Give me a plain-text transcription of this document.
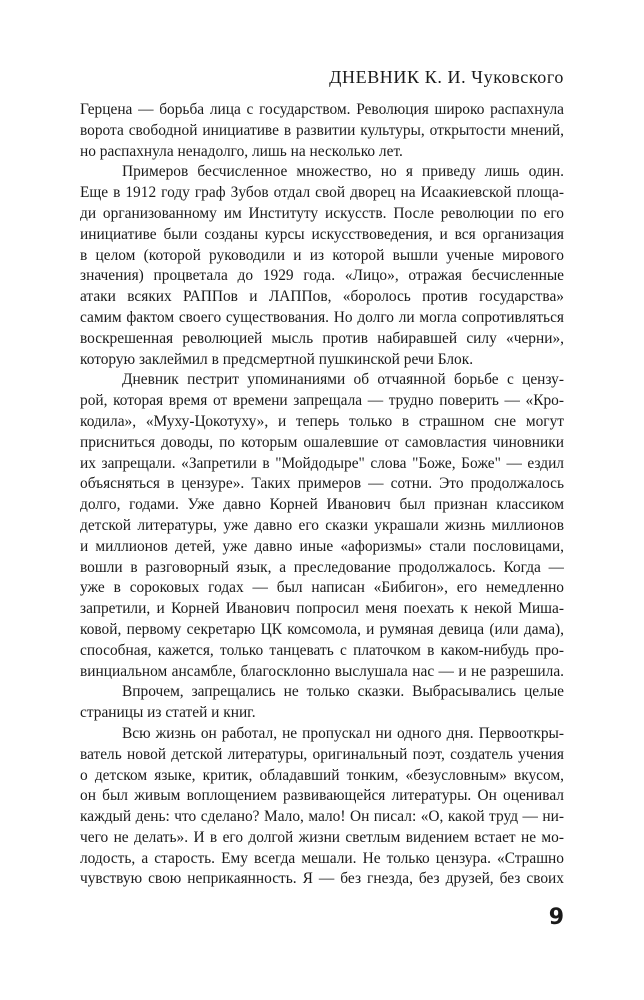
ДНЕВНИК К. И. Чуковского
Герцена — борьба лица с государством. Революция широко распахнула
ворота свободной инициативе в развитии культуры, открытости мнений,
но распахнула ненадолго, лишь на несколько лет.
Примеров бесчисленное множество, но я приведу лишь один.
Еще в 1912 году граф Зубов отдал свой дворец на Исаакиевской площа-
ди организованному им Институту искусств. После революции по его
инициативе были созданы курсы искусствоведения, и вся организация
в целом (которой руководили и из которой вышли ученые мирового
значения) процветала до 1929 года. «Лицо», отражая бесчисленные
атаки всяких РАППов и ЛАППов, «боролось против государства»
самим фактом своего существования. Но долго ли могла сопротивляться
воскрешенная революцией мысль против набиравшей силу «черни»,
которую заклеймил в предсмертной пушкинской речи Блок.
Дневник пестрит упоминаниями об отчаянной борьбе с цензу-
рой, которая время от времени запрещала — трудно поверить — «Кро-
кодила», «Муху-Цокотуху», и теперь только в страшном сне могут
присниться доводы, по которым ошалевшие от самовластия чиновники
их запрещали. «Запретили в "Мойдодыре" слова "Боже, Боже" — ездил
объясняться в цензуре». Таких примеров — сотни. Это продолжалось
долго, годами. Уже давно Корней Иванович был признан классиком
детской литературы, уже давно его сказки украшали жизнь миллионов
и миллионов детей, уже давно иные «афоризмы» стали пословицами,
вошли в разговорный язык, а преследование продолжалось. Когда —
уже в сороковых годах — был написан «Бибигон», его немедленно
запретили, и Корней Иванович попросил меня поехать к некой Миша-
ковой, первому секретарю ЦК комсомола, и румяная девица (или дама),
способная, кажется, только танцевать с платочком в каком-нибудь про-
винциальном ансамбле, благосклонно выслушала нас — и не разрешила.
Впрочем, запрещались не только сказки. Выбрасывались целые
страницы из статей и книг.
Всю жизнь он работал, не пропускал ни одного дня. Первооткры-
ватель новой детской литературы, оригинальный поэт, создатель учения
о детском языке, критик, обладавший тонким, «безусловным» вкусом,
он был живым воплощением развивающейся литературы. Он оценивал
каждый день: что сделано? Мало, мало! Он писал: «О, какой труд — ни-
чего не делать». И в его долгой жизни светлым видением встает не мо-
лодость, а старость. Ему всегда мешали. Не только цензура. «Страшно
чувствую свою неприкаянность. Я — без гнезда, без друзей, без своих
9
